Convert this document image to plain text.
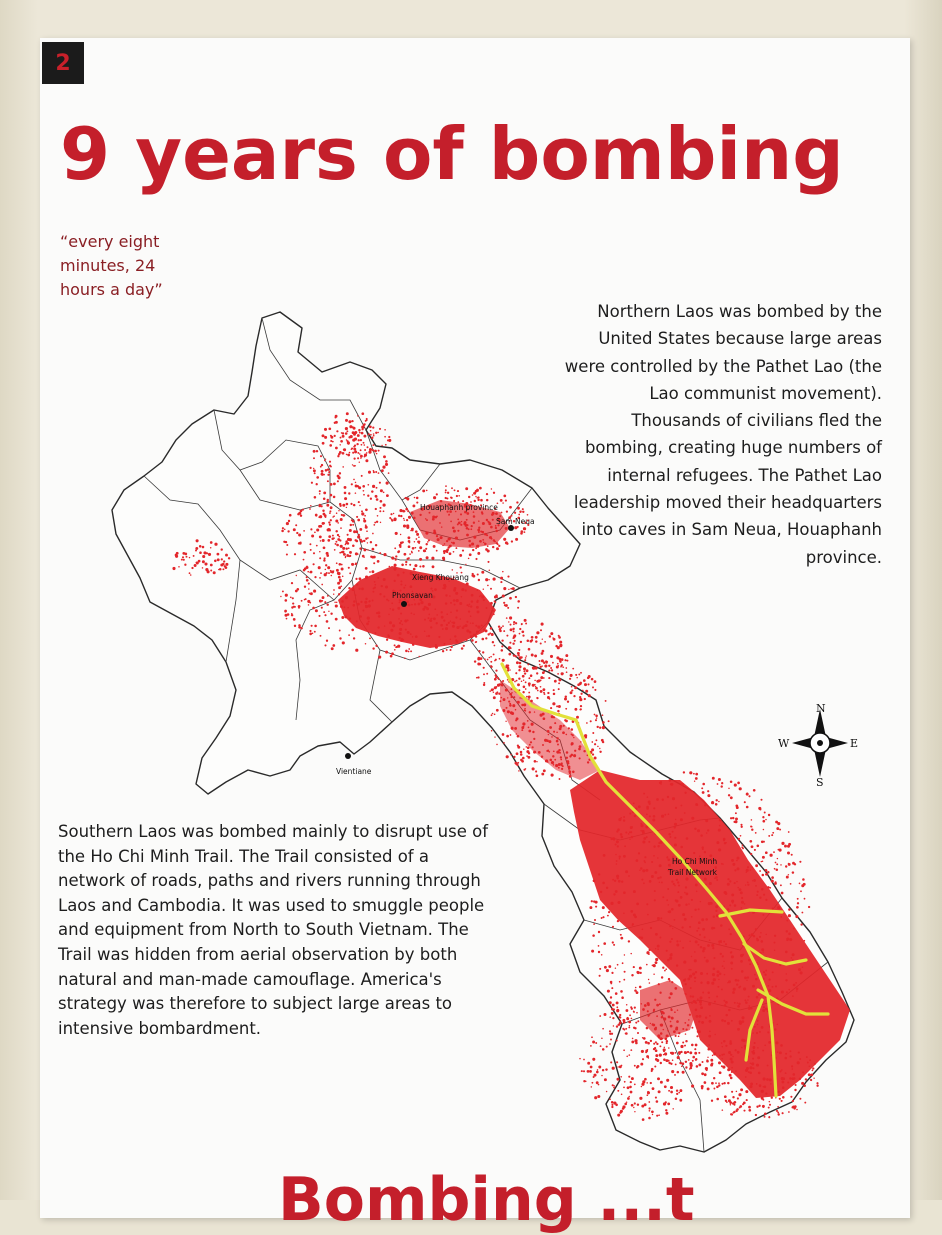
2
9 years of bombing
“every eight minutes, 24 hours a day”
Houaphanh province
Sam Neua
Xieng Khouang
Phonsavan
Vientiane
Ho Chi Minh
Trail Network
N
S
E
W
Northern Laos was bombed by the United States because large areas were controlled by the Pathet Lao (the Lao communist movement). Thousands of civilians fled the bombing, creating huge numbers of internal refugees. The Pathet Lao leadership moved their headquarters into caves in Sam Neua, Houaphanh province.
Southern Laos was bombed mainly to disrupt use of the Ho Chi Minh Trail. The Trail consisted of a network of roads, paths and rivers running through Laos and Cambodia. It was used to smuggle people and equipment from North to South Vietnam. The Trail was hidden from aerial observation by both natural and man-made camouflage. America's strategy was therefore to subject large areas to intensive bombardment.
Bombing ...t
